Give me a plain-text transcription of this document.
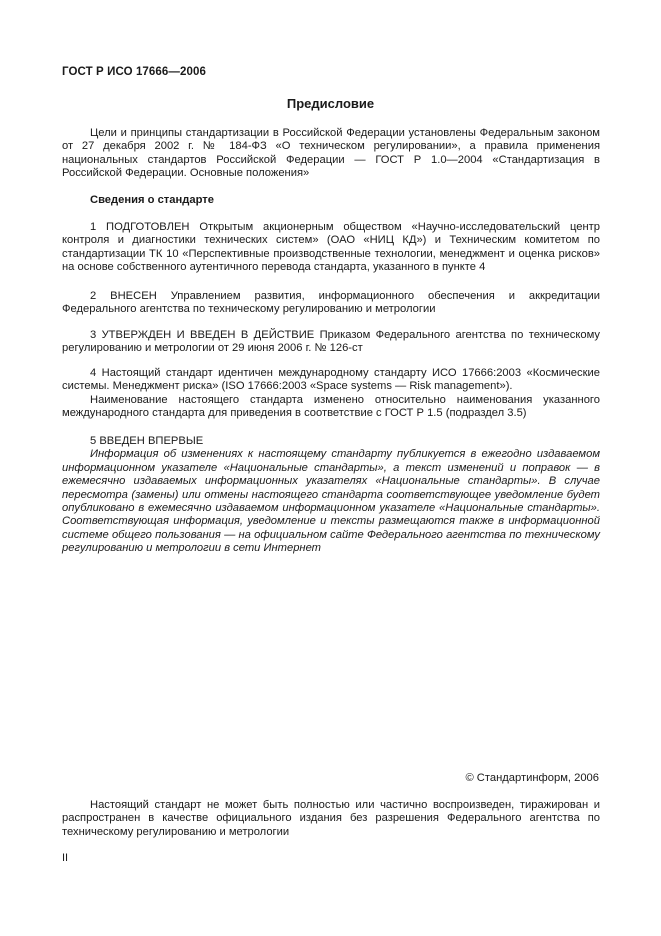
ГОСТ Р ИСО 17666—2006
Предисловие

Цели и принципы стандартизации в Российской Федерации установлены Федеральным законом от 27 декабря 2002 г. № 184-ФЗ «О техническом регулировании», а правила применения национальных стандартов Российской Федерации — ГОСТ Р 1.0—2004 «Стандартизация в Российской Федерации. Основные положения»

Сведения о стандарте

1 ПОДГОТОВЛЕН Открытым акционерным обществом «Научно-исследовательский центр контроля и диагностики технических систем» (ОАО «НИЦ КД») и Техническим комитетом по стандартизации ТК 10 «Перспективные производственные технологии, менеджмент и оценка рисков» на основе собственного аутентичного перевода стандарта, указанного в пункте 4

2 ВНЕСЕН Управлением развития, информационного обеспечения и аккредитации Федерального агентства по техническому регулированию и метрологии

3 УТВЕРЖДЕН И ВВЕДЕН В ДЕЙСТВИЕ Приказом Федерального агентства по техническому регулированию и метрологии от 29 июня 2006 г. № 126-ст

4 Настоящий стандарт идентичен международному стандарту ИСО 17666:2003 «Космические системы. Менеджмент риска» (ISO 17666:2003 «Space systems — Risk management»).

Наименование настоящего стандарта изменено относительно наименования указанного международного стандарта для приведения в соответствие с ГОСТ Р 1.5 (подраздел 3.5)

5 ВВЕДЕН ВПЕРВЫЕ

Информация об изменениях к настоящему стандарту публикуется в ежегодно издаваемом информационном указателе «Национальные стандарты», а текст изменений и поправок — в ежемесячно издаваемых информационных указателях «Национальные стандарты». В случае пересмотра (замены) или отмены настоящего стандарта соответствующее уведомление будет опубликовано в ежемесячно издаваемом информационном указателе «Национальные стандарты». Соответствующая информация, уведомление и тексты размещаются также в информационной системе общего пользования — на официальном сайте Федерального агентства по техническому регулированию и метрологии в сети Интернет

© Стандартинформ, 2006

Настоящий стандарт не может быть полностью или частично воспроизведен, тиражирован и распространен в качестве официального издания без разрешения Федерального агентства по техническому регулированию и метрологии

II
